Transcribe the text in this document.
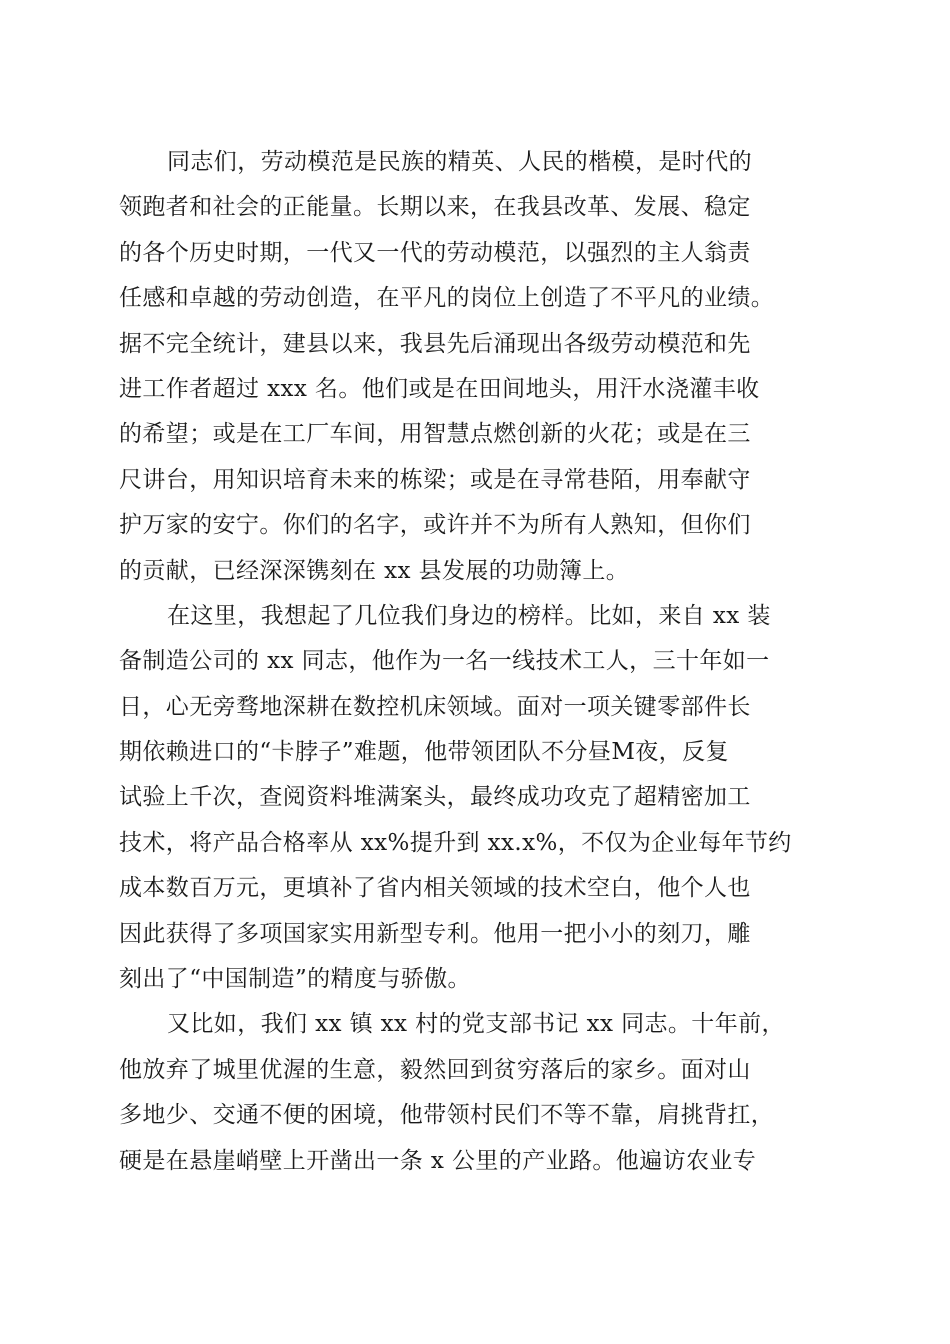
同志们，劳动模范是民族的精英、人民的楷模，是时代的
领跑者和社会的正能量。长期以来，在我县改革、发展、稳定
的各个历史时期，一代又一代的劳动模范，以强烈的主人翁责
任感和卓越的劳动创造，在平凡的岗位上创造了不平凡的业绩。
据不完全统计，建县以来，我县先后涌现出各级劳动模范和先
进工作者超过 xxx 名。他们或是在田间地头，用汗水浇灌丰收
的希望；或是在工厂车间，用智慧点燃创新的火花；或是在三
尺讲台，用知识培育未来的栋梁；或是在寻常巷陌，用奉献守
护万家的安宁。你们的名字，或许并不为所有人熟知，但你们
的贡献，已经深深镌刻在 xx 县发展的功勋簿上。
在这里，我想起了几位我们身边的榜样。比如，来自 xx 装
备制造公司的 xx 同志，他作为一名一线技术工人，三十年如一
日，心无旁骛地深耕在数控机床领域。面对一项关键零部件长
期依赖进口的“卡脖子”难题，他带领团队不分昼M夜，反复
试验上千次，查阅资料堆满案头，最终成功攻克了超精密加工
技术，将产品合格率从 xx%提升到 xx.x%，不仅为企业每年节约
成本数百万元，更填补了省内相关领域的技术空白，他个人也
因此获得了多项国家实用新型专利。他用一把小小的刻刀，雕
刻出了“中国制造”的精度与骄傲。
又比如，我们 xx 镇 xx 村的党支部书记 xx 同志。十年前，
他放弃了城里优渥的生意，毅然回到贫穷落后的家乡。面对山
多地少、交通不便的困境，他带领村民们不等不靠，肩挑背扛，
硬是在悬崖峭壁上开凿出一条 x 公里的产业路。他遍访农业专
